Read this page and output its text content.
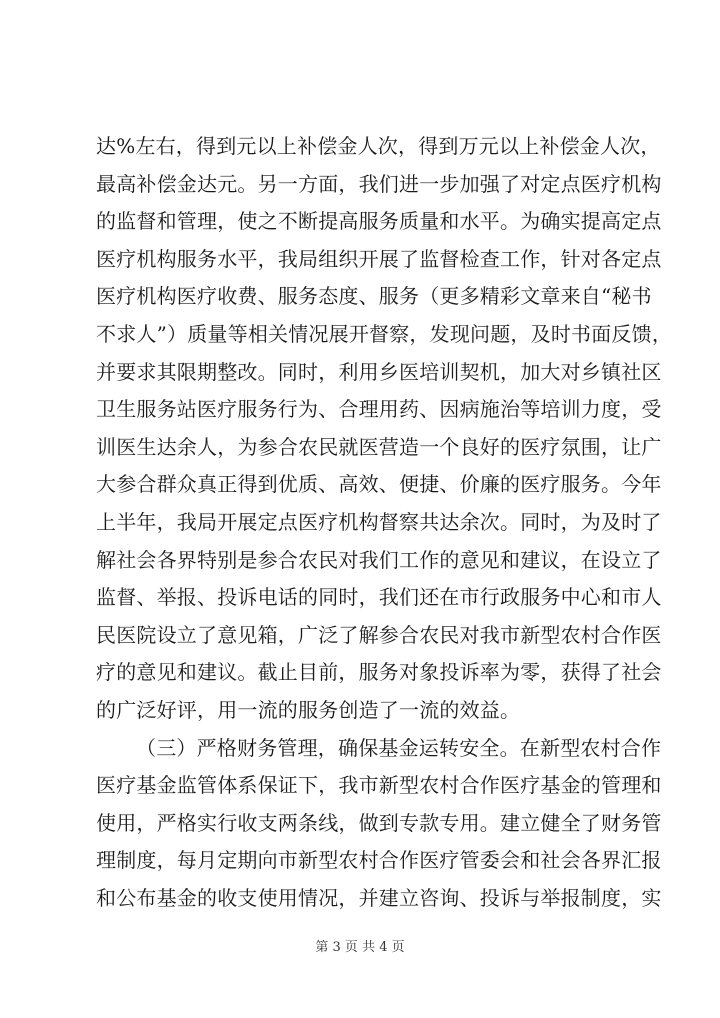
达%左右，得到元以上补偿金人次，得到万元以上补偿金人次，
最高补偿金达元。另一方面，我们进一步加强了对定点医疗机构
的监督和管理，使之不断提高服务质量和水平。为确实提高定点
医疗机构服务水平，我局组织开展了监督检查工作，针对各定点
医疗机构医疗收费、服务态度、服务（更多精彩文章来自“秘书
不求人”）质量等相关情况展开督察，发现问题，及时书面反馈，
并要求其限期整改。同时，利用乡医培训契机，加大对乡镇社区
卫生服务站医疗服务行为、合理用药、因病施治等培训力度，受
训医生达余人，为参合农民就医营造一个良好的医疗氛围，让广
大参合群众真正得到优质、高效、便捷、价廉的医疗服务。今年
上半年，我局开展定点医疗机构督察共达余次。同时，为及时了
解社会各界特别是参合农民对我们工作的意见和建议，在设立了
监督、举报、投诉电话的同时，我们还在市行政服务中心和市人
民医院设立了意见箱，广泛了解参合农民对我市新型农村合作医
疗的意见和建议。截止目前，服务对象投诉率为零，获得了社会
的广泛好评，用一流的服务创造了一流的效益。
（三）严格财务管理，确保基金运转安全。在新型农村合作
医疗基金监管体系保证下，我市新型农村合作医疗基金的管理和
使用，严格实行收支两条线，做到专款专用。建立健全了财务管
理制度，每月定期向市新型农村合作医疗管委会和社会各界汇报
和公布基金的收支使用情况，并建立咨询、投诉与举报制度，实
第 3 页 共 4 页
